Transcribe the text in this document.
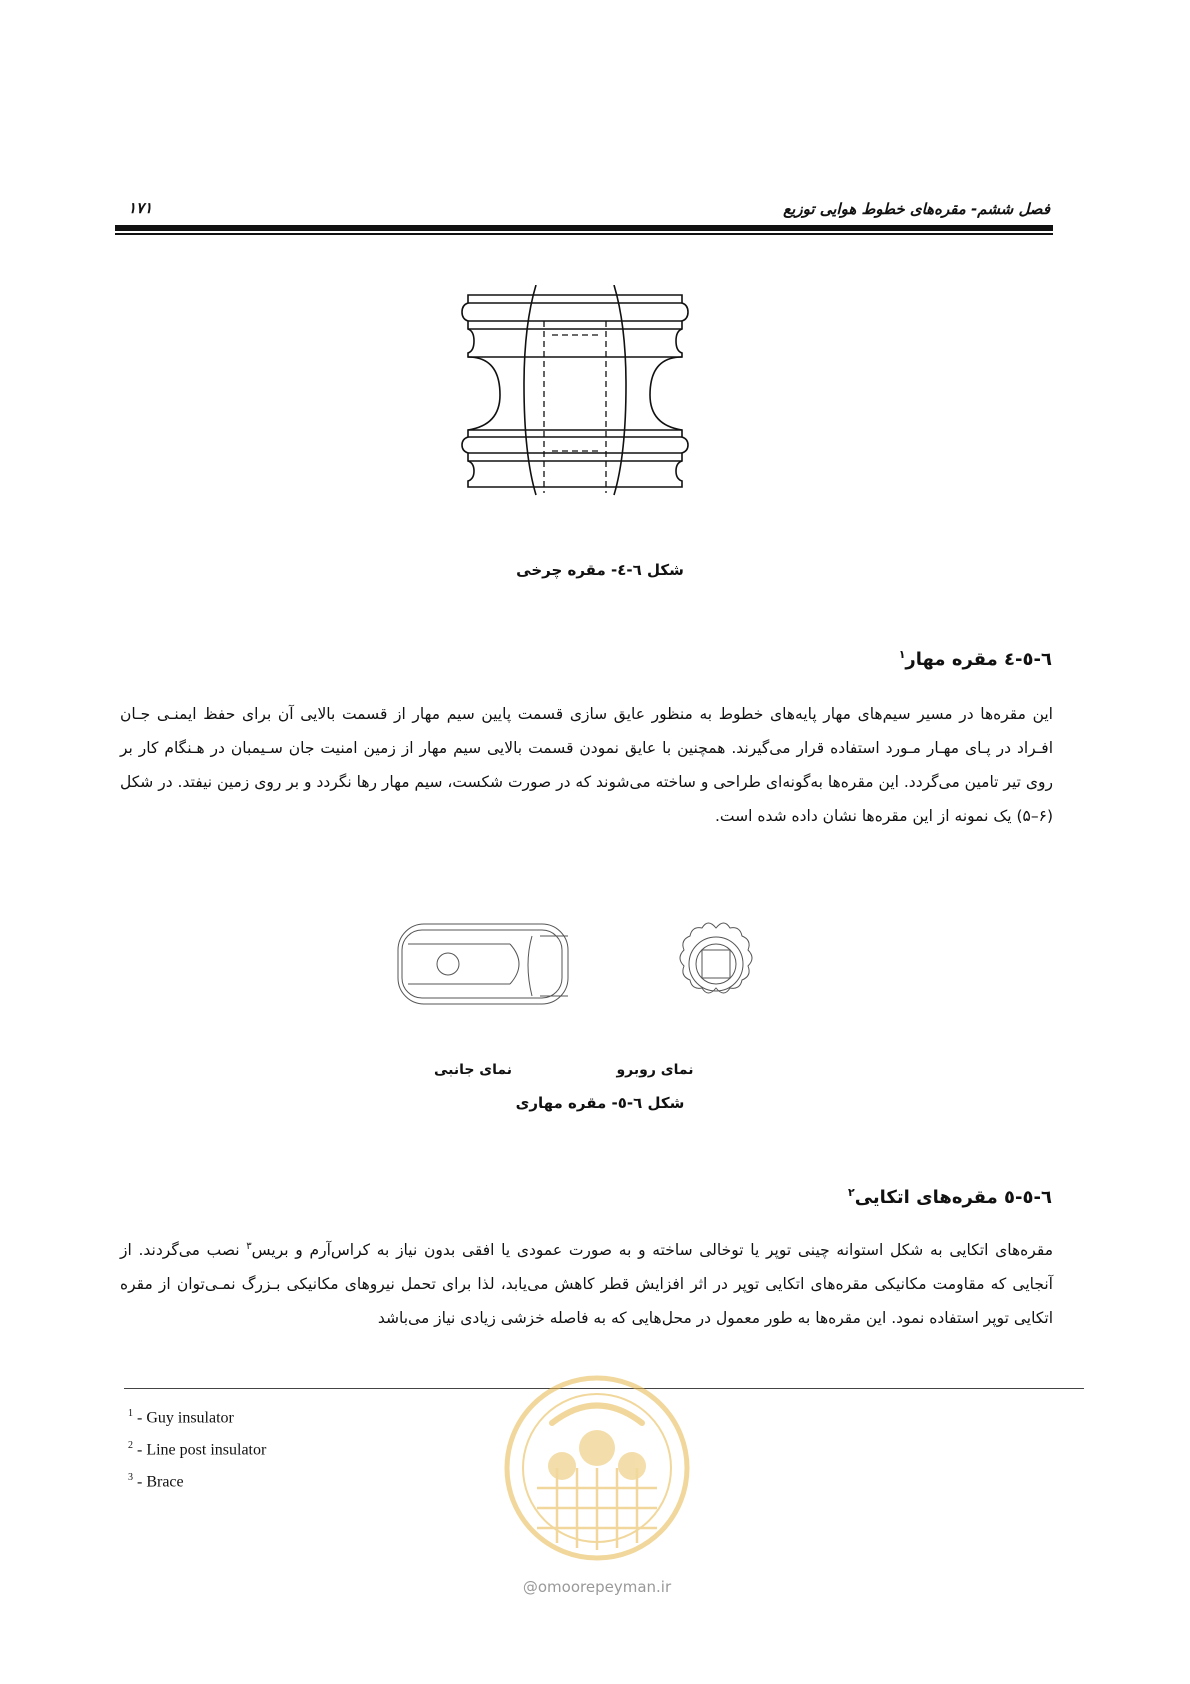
فصل ششم- مقره‌های خطوط هوایی توزیع
۱۷۱
شکل ٦-٤- مقره چرخی
٦-٥-٤ مقره مهار$^۱$
این مقره‌ها در مسیر سیم‌های مهار پایه‌های خطوط به منظور عایق سازی قسمت پایین سیم مهار از قسمت بالایی آن برای حفظ ایمنـی جـان افـراد در پـای مهـار مـورد استفاده قرار می‌گیرند. همچنین با عایق نمودن قسمت بالایی سیم مهار از زمین امنیت جان سـیمبان در هـنگام کار بر روی تیر تامین می‌گردد. این مقره‌ها به‌گونه‌ای طراحی و ساخته می‌شوند که در صورت شکست، سیم مهار رها نگردد و بر روی زمین نیفتد. در شکل (۶–۵) یک نمونه از این مقره‌ها نشان داده شده است.
نمای روبرو
نمای جانبی
شکل ٦-٥- مقره مهاری
٦-٥-٥ مقره‌های اتکایی$^۲$
مقره‌های اتکایی به شکل استوانه چینی توپر یا توخالی ساخته و به صورت عمودی یا افقی بدون نیاز به کراس‌آرم و بریس$^۳$ نصب می‌گردند. از آنجایی که مقاومت مکانیکی مقره‌های اتکایی توپر در اثر افزایش قطر کاهش می‌یابد، لذا برای تحمل نیروهای مکانیکی بـزرگ نمـی‌توان از مقره اتکایی توپر استفاده نمود. این مقره‌ها به طور معمول در محل‌هایی که به فاصله خزشی زیادی نیاز می‌باشد
$^1$ - Guy insulator
$^2$ - Line post insulator
$^3$ - Brace
@omoorepeyman.ir
